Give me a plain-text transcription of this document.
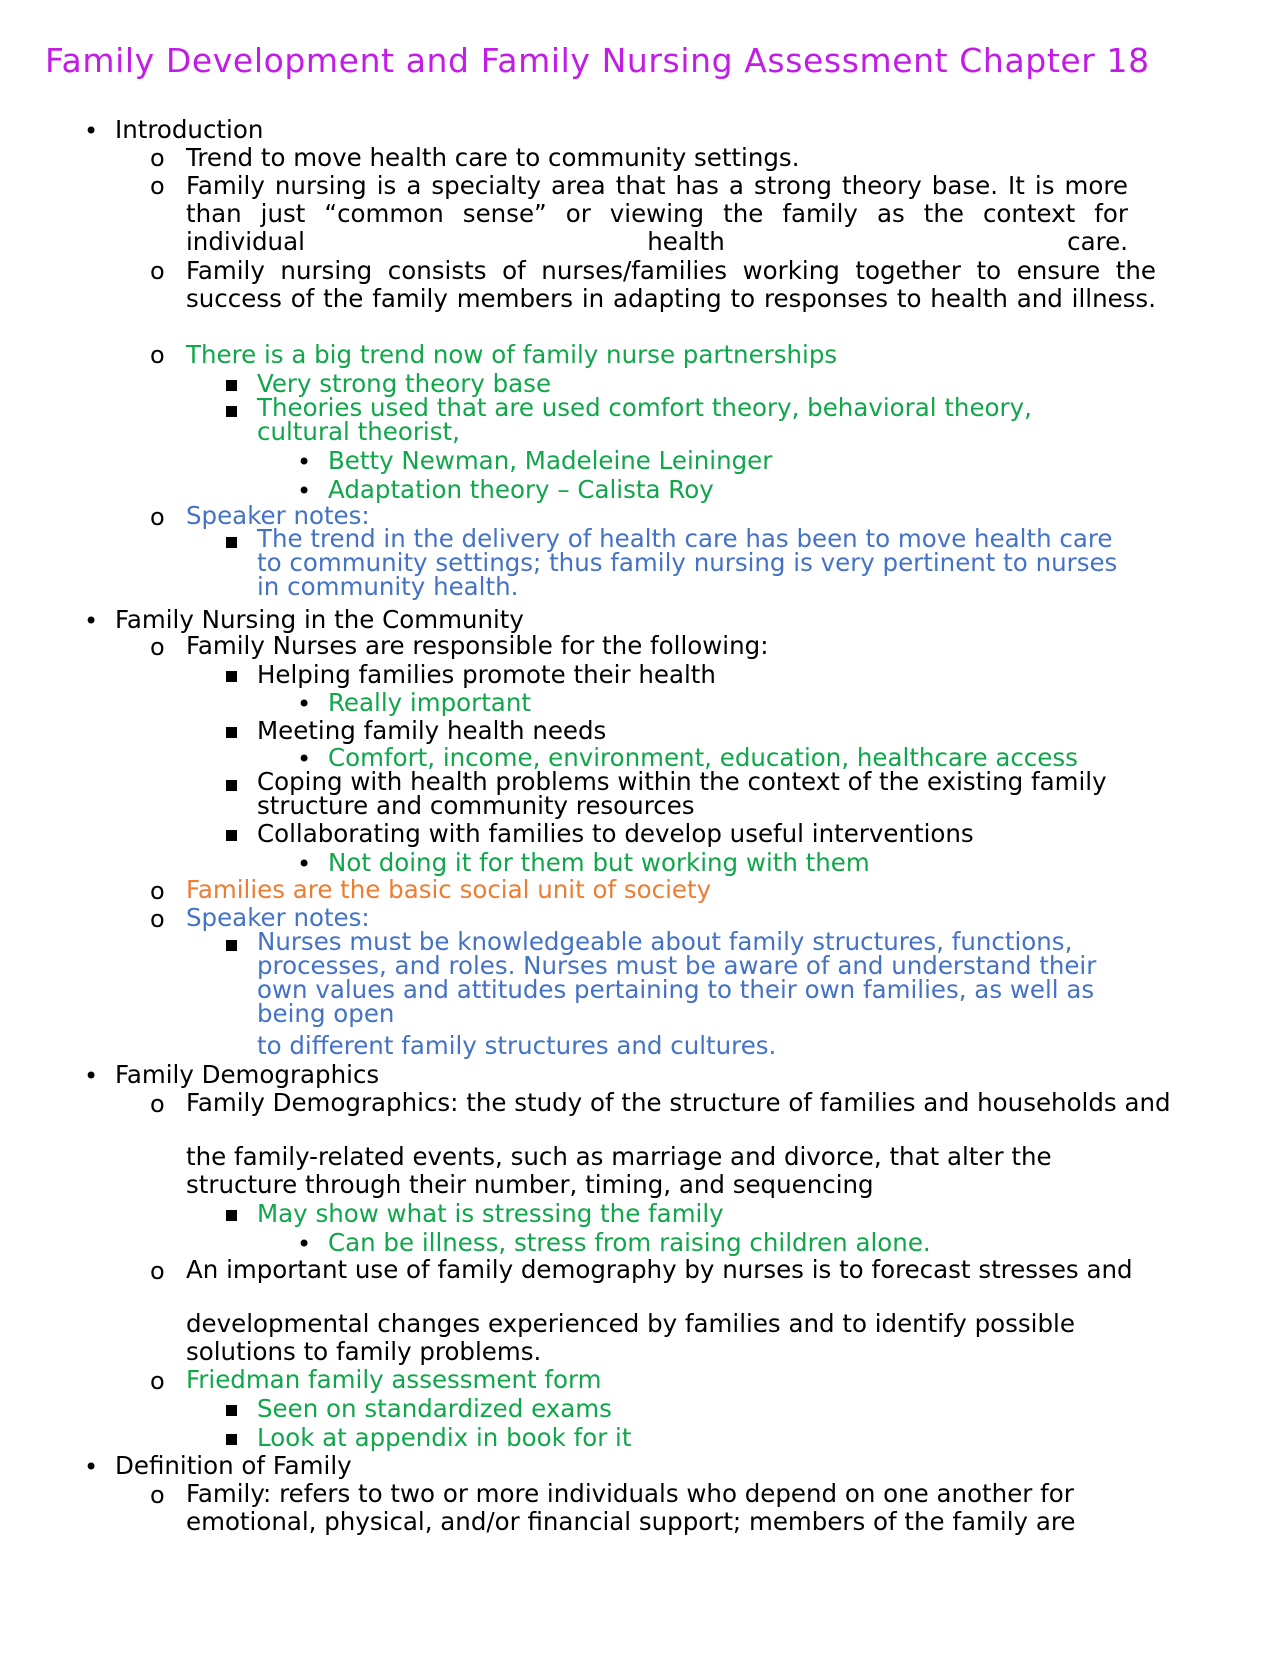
Family Development and Family Nursing Assessment Chapter 18
• Introduction
o Trend to move health care to community settings.
o Family nursing is a specialty area that has a strong theory base. It is more than just “common sense” or viewing the family as the context for individual health care.
o Family nursing consists of nurses/families working together to ensure the success of the family members in adapting to responses to health and illness.
o There is a big trend now of family nurse partnerships
Very strong theory base
Theories used that are used comfort theory, behavioral theory, cultural theorist,
• Betty Newman, Madeleine Leininger
• Adaptation theory – Calista Roy
o Speaker notes:
The trend in the delivery of health care has been to move health care to community settings; thus family nursing is very pertinent to nurses in community health.
• Family Nursing in the Community
o Family Nurses are responsible for the following:
Helping families promote their health
• Really important
Meeting family health needs
• Comfort, income, environment, education, healthcare access
Coping with health problems within the context of the existing family structure and community resources
Collaborating with families to develop useful interventions
• Not doing it for them but working with them
o Families are the basic social unit of society
o Speaker notes:
Nurses must be knowledgeable about family structures, functions, processes, and roles. Nurses must be aware of and understand their own values and attitudes pertaining to their own families, as well as being open
to different family structures and cultures.
• Family Demographics
o Family Demographics: the study of the structure of families and households and
the family-related events, such as marriage and divorce, that alter the structure through their number, timing, and sequencing
May show what is stressing the family
• Can be illness, stress from raising children alone.
o An important use of family demography by nurses is to forecast stresses and
developmental changes experienced by families and to identify possible solutions to family problems.
o Friedman family assessment form
Seen on standardized exams
Look at appendix in book for it
• Definition of Family
o Family: refers to two or more individuals who depend on one another for emotional, physical, and/or financial support; members of the family are
